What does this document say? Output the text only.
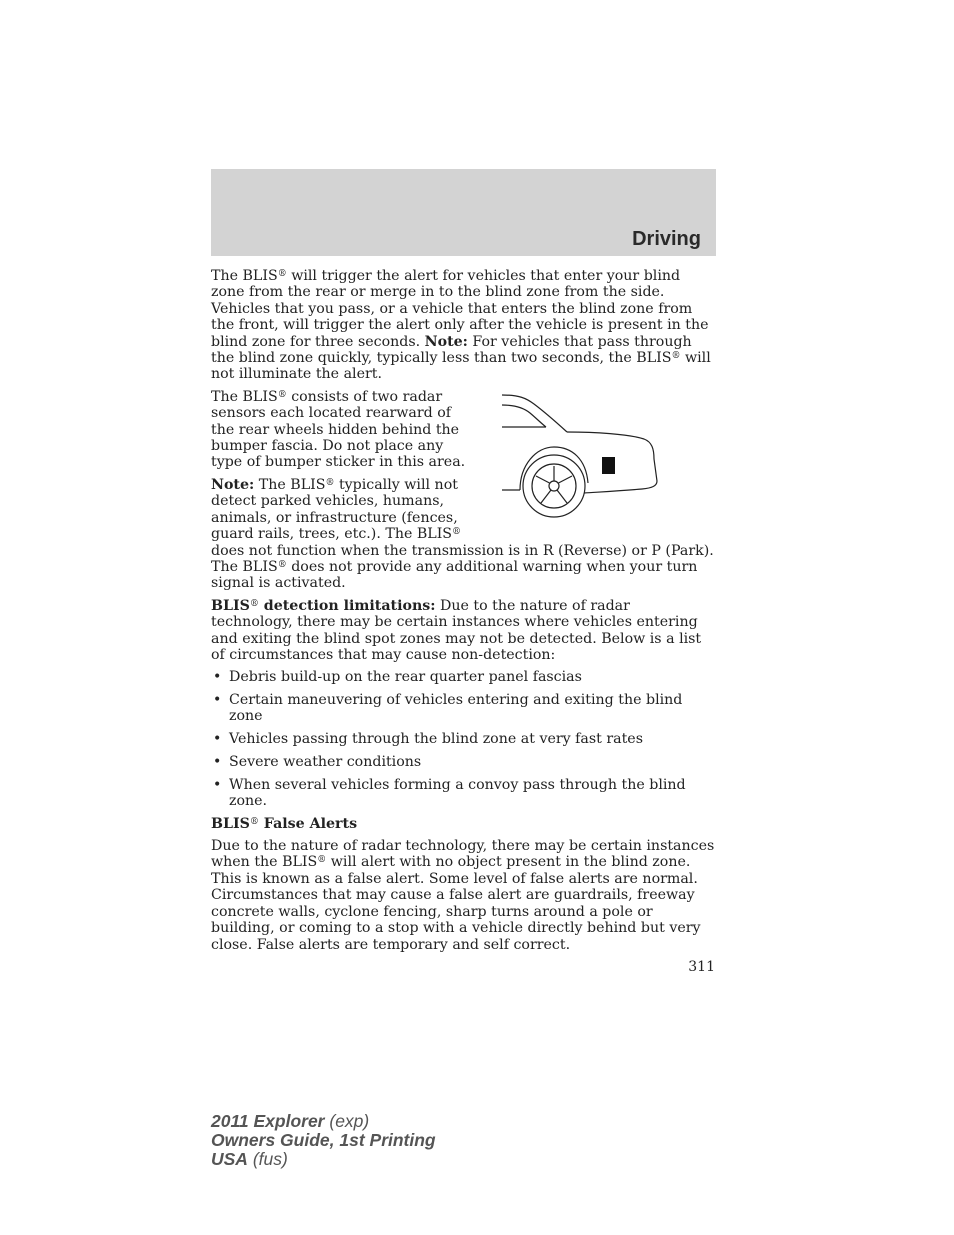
Driving

The BLIS® will trigger the alert for vehicles that enter your blind zone from the rear or merge in to the blind zone from the side. Vehicles that you pass, or a vehicle that enters the blind zone from the front, will trigger the alert only after the vehicle is present in the blind zone for three seconds. Note: For vehicles that pass through the blind zone quickly, typically less than two seconds, the BLIS® will not illuminate the alert.

The BLIS® consists of two radar sensors each located rearward of the rear wheels hidden behind the bumper fascia. Do not place any type of bumper sticker in this area.

Note: The BLIS® typically will not detect parked vehicles, humans, animals, or infrastructure (fences, guard rails, trees, etc.). The BLIS® does not function when the transmission is in R (Reverse) or P (Park). The BLIS® does not provide any additional warning when your turn signal is activated.

BLIS® detection limitations: Due to the nature of radar technology, there may be certain instances where vehicles entering and exiting the blind spot zones may not be detected. Below is a list of circumstances that may cause non-detection:

• Debris build-up on the rear quarter panel fascias
• Certain maneuvering of vehicles entering and exiting the blind zone
• Vehicles passing through the blind zone at very fast rates
• Severe weather conditions
• When several vehicles forming a convoy pass through the blind zone.

BLIS® False Alerts

Due to the nature of radar technology, there may be certain instances when the BLIS® will alert with no object present in the blind zone. This is known as a false alert. Some level of false alerts are normal. Circumstances that may cause a false alert are guardrails, freeway concrete walls, cyclone fencing, sharp turns around a pole or building, or coming to a stop with a vehicle directly behind but very close. False alerts are temporary and self correct.

311
2011 Explorer (exp)
Owners Guide, 1st Printing
USA (fus)
